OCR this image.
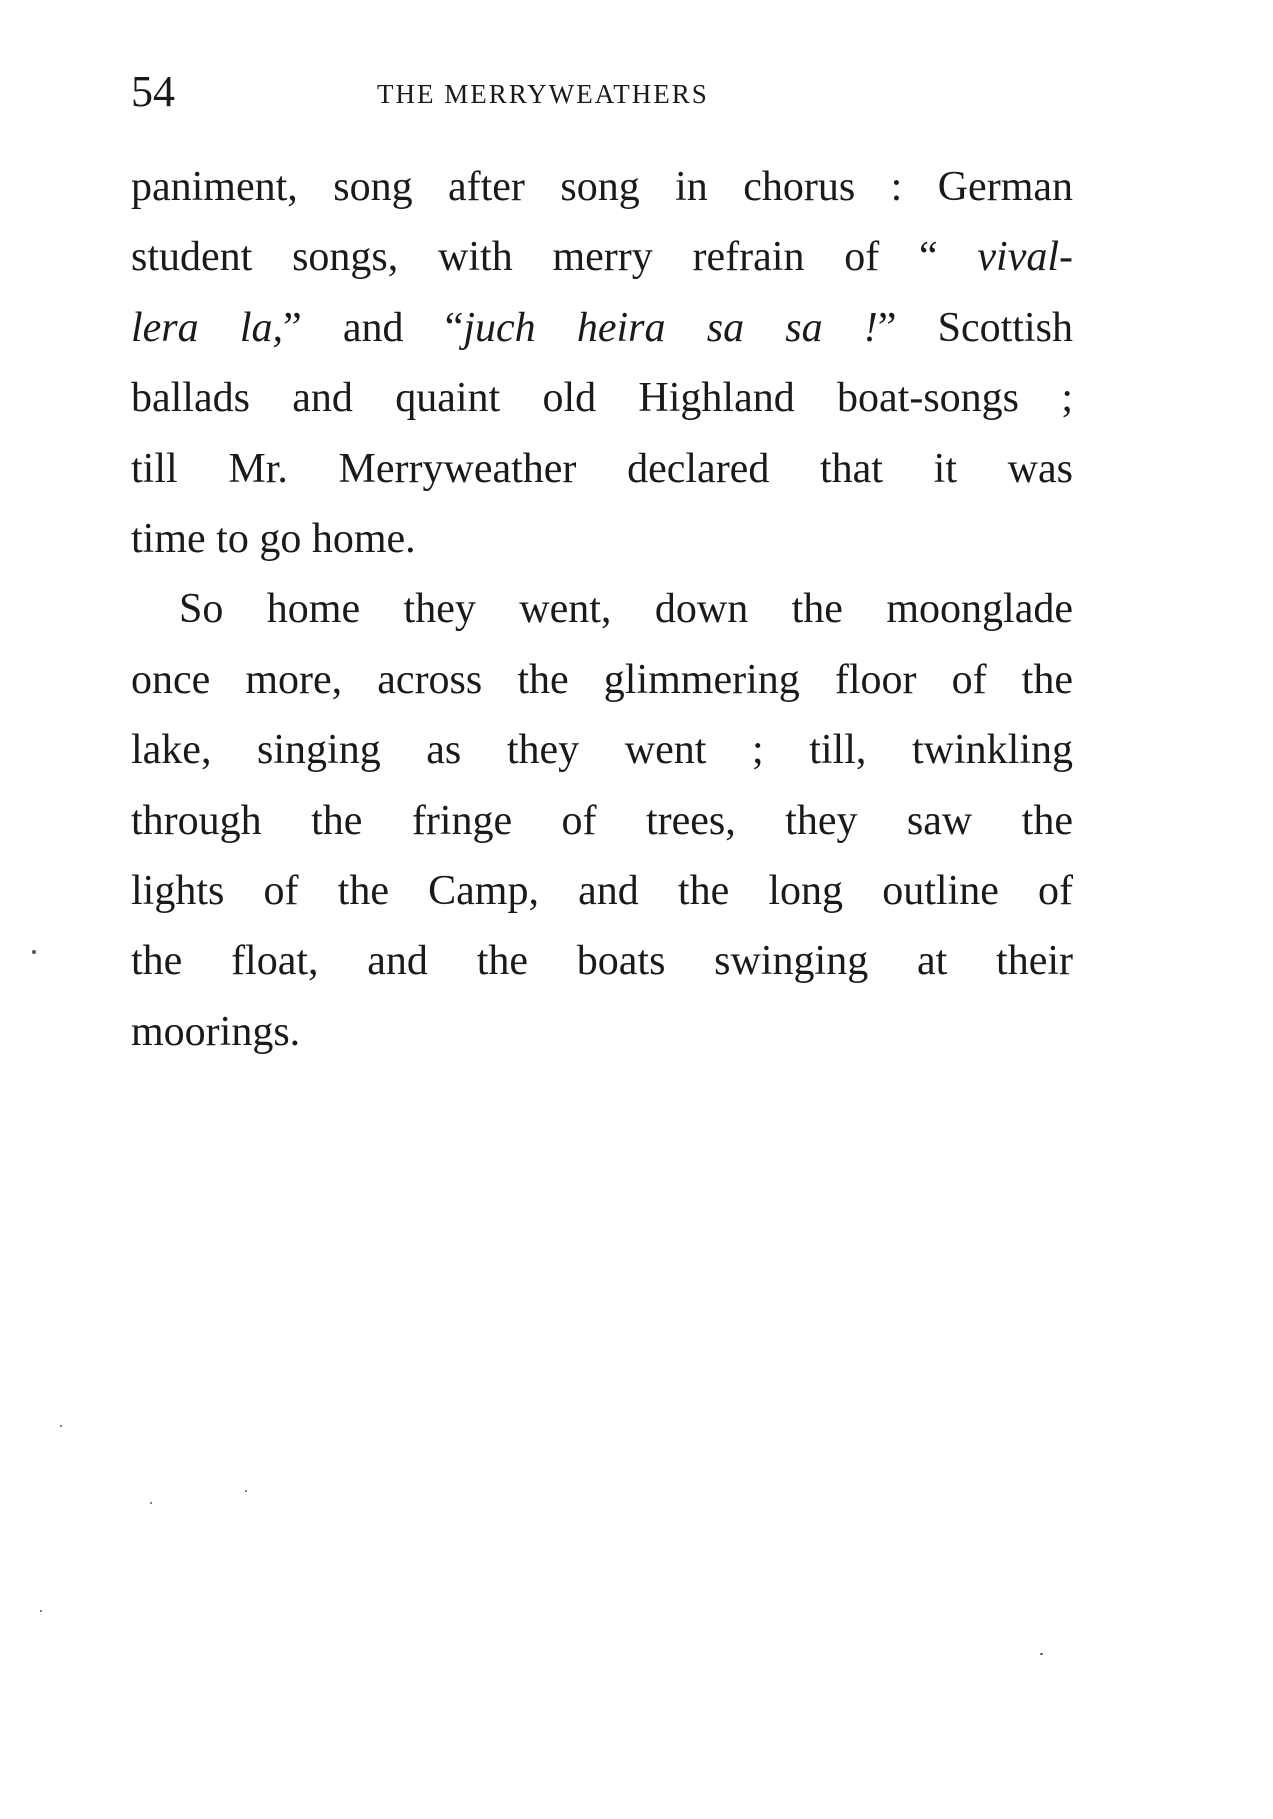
54	THE MERRYWEATHERS
paniment, song after song in chorus : German
student songs, with merry refrain of “ vival-
lera la,” and “juch heira sa sa !” Scottish
ballads and quaint old Highland boat-songs ;
till Mr. Merryweather declared that it was
time to go home.
So home they went, down the moonglade
once more, across the glimmering floor of the
lake, singing as they went ; till, twinkling
through the fringe of trees, they saw the
lights of the Camp, and the long outline of
the float, and the boats swinging at their
moorings.
